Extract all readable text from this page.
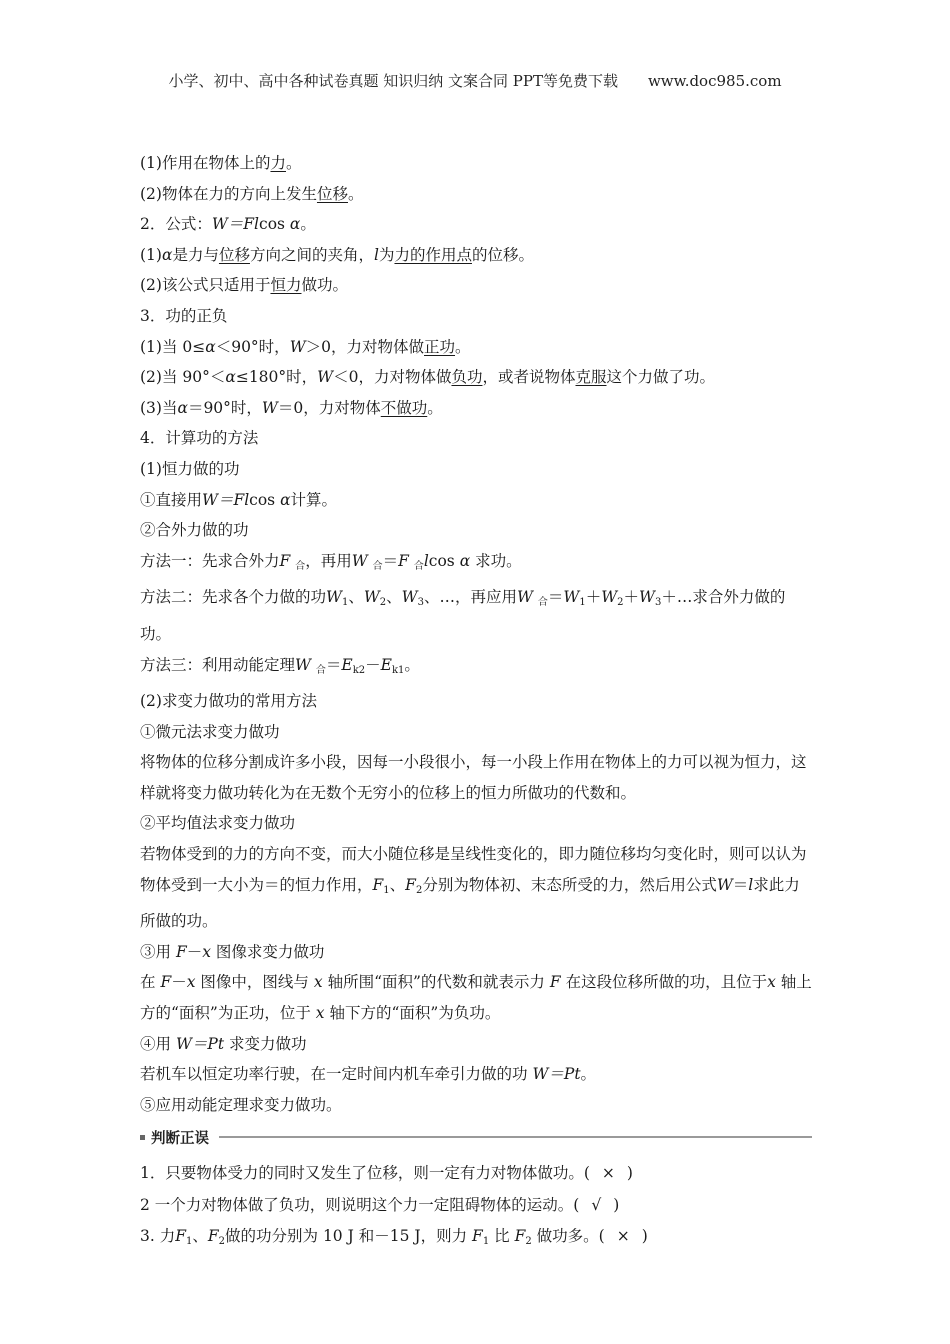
小学、初中、高中各种试卷真题 知识归纳 文案合同 PPT等免费下载 www.doc985.com
(1)作用在物体上的力。
(2)物体在力的方向上发生位移。
2．公式：W＝Flcos α。
(1)α是力与位移方向之间的夹角，l为力的作用点的位移。
(2)该公式只适用于恒力做功。
3．功的正负
(1)当 0≤α＜90°时，W＞0，力对物体做正功。
(2)当 90°＜α≤180°时，W＜0，力对物体做负功，或者说物体克服这个力做了功。
(3)当α＝90°时，W＝0，力对物体不做功。
4．计算功的方法
(1)恒力做的功
①直接用W＝Flcos α计算。
②合外力做的功
方法一：先求合外力F $_合$，再用W $_合$＝F $_合$lcos α 求功。
方法二：先求各个力做的功$W_1$、$W_2$、$W_3$、…，再应用W $_合=W_1+W_2+W_3+\dots$求合外力做的
功。
方法三：利用动能定理W $_合=E_{k2}-E_{k1}$。
(2)求变力做功的常用方法
①微元法求变力做功
将物体的位移分割成许多小段，因每一小段很小，每一小段上作用在物体上的力可以视为恒力，这样就将变力做功转化为在无数个无穷小的位移上的恒力所做功的代数和。
②平均值法求变力做功
若物体受到的力的方向不变，而大小随位移是呈线性变化的，即力随位移均匀变化时，则可以认为物体受到一大小为＝的恒力作用，$F_1$、$F_2$分别为物体初、末态所受的力，然后用公式W＝l求此力所做的功。
③用 F－x 图像求变力做功
在 F－x 图像中，图线与 x 轴所围“面积”的代数和就表示力 F 在这段位移所做的功，且位于x 轴上方的“面积”为正功，位于 x 轴下方的“面积”为负功。
④用 W＝Pt 求变力做功
若机车以恒定功率行驶，在一定时间内机车牵引力做的功 W＝Pt。
⑤应用动能定理求变力做功。
判断正误
1．只要物体受力的同时又发生了位移，则一定有力对物体做功。( × )
2 一个力对物体做了负功，则说明这个力一定阻碍物体的运动。( √ )
3. 力$F_1$、$F_2$做的功分别为 10 J 和－15 J，则力 $F_1$ 比 $F_2$ 做功多。( × )
